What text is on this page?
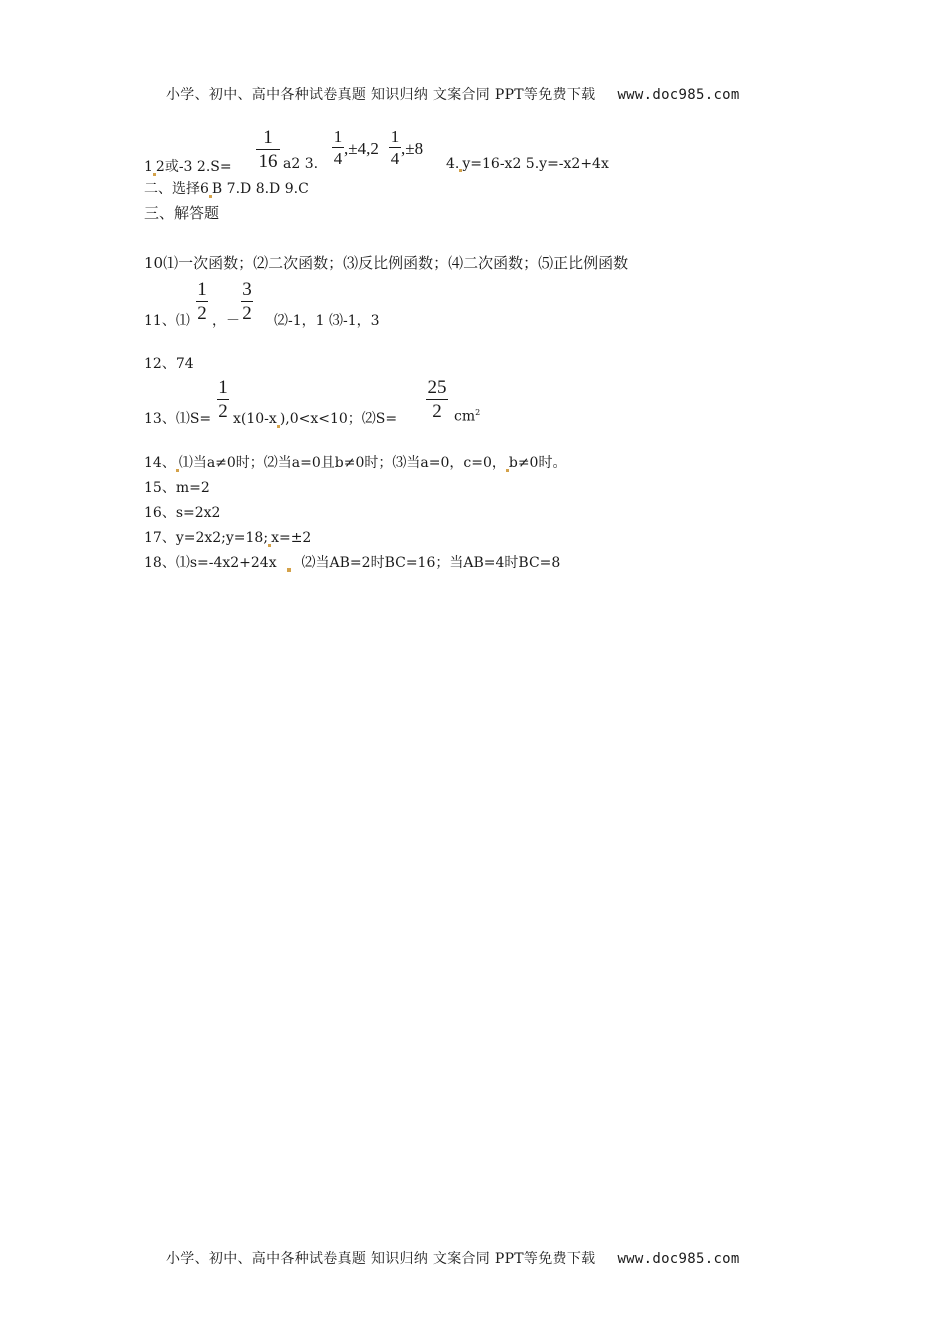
小学、初中、高中各种试卷真题 知识归纳 文案合同 PPT等免费下载 www.doc985.com
1 2或-3 2.S=
1
16 a2 3.
1
4
,±4,2
1
4
,±8
4. y=16-x2 5.y=-x2+4x
二、选择6 B 7.D 8.D 9.C
三、解答题
10⑴一次函数；⑵二次函数；⑶反比例函数；⑷二次函数；⑸正比例函数
11、⑴
1
2 ，－
3
2 ⑵-1，1 ⑶-1，3
12、74
13、⑴S=
1
2 x(10-x ),0<x<10；⑵S=
25
2 $cm^2$
14、 ⑴当a≠0时；⑵当a=0且b≠0时；⑶当a=0，c=0， b≠0时。
15、m=2
16、s=2x2
17、y=2x2;y=18; x=±2
18、⑴s=-4x2+24x ⑵当AB=2时BC=16；当AB=4时BC=8
小学、初中、高中各种试卷真题 知识归纳 文案合同 PPT等免费下载 www.doc985.com
